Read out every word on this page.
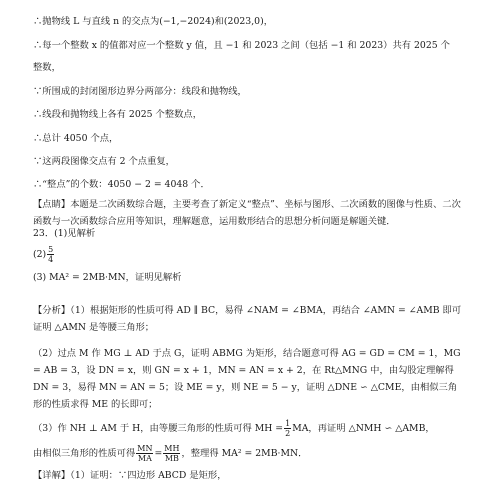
∴抛物线 L 与直线 n 的交点为(−1,−2024)和(2023,0)，
∴每一个整数 x 的值都对应一个整数 y 值，且 −1 和 2023 之间（包括 −1 和 2023）共有 2025 个
整数，
∵所围成的封闭图形边界分两部分：线段和抛物线，
∴线段和抛物线上各有 2025 个整数点，
∴总计 4050 个点，
∵这两段图像交点有 2 个点重复，
∴“整点”的个数：4050 − 2 = 4048 个．
【点睛】本题是二次函数综合题，主要考查了新定义“整点”、坐标与图形、二次函数的图像与性质、二次函数与一次函数综合应用等知识，理解题意，运用数形结合的思想分析问题是解题关键．
23．(1)见解析
$(2) \frac{5}{4}$
(3) MA² = 2MB·MN，证明见解析
【分析】（1）根据矩形的性质可得 AD ∥ BC，易得 ∠NAM = ∠BMA，再结合 ∠AMN = ∠AMB 即可证明 △AMN 是等腰三角形；
（2）过点 M 作 MG ⊥ AD 于点 G，证明 ABMG 为矩形，结合题意可得 AG = GD = CM = 1，MG = AB = 3，设 DN = x，则 GN = x + 1，MN = AN = x + 2，在 Rt△MNG 中，由勾股定理解得 DN = 3，易得 MN = AN = 5；设 ME = y，则 NE = 5 − y，证明 △DNE ∽ △CME，由相似三角形的性质求得 ME 的长即可；
（3）作 NH ⊥ AM 于 H，由等腰三角形的性质可得 MH = $\frac{1}{2}$ MA，再证明 △NMH ∽ △AMB，
由相似三角形的性质可得 $\frac{MN}{MA} = \frac{MH}{MB}$ ，整理得 MA² = 2MB·MN．
【详解】（1）证明：∵四边形 ABCD 是矩形，
